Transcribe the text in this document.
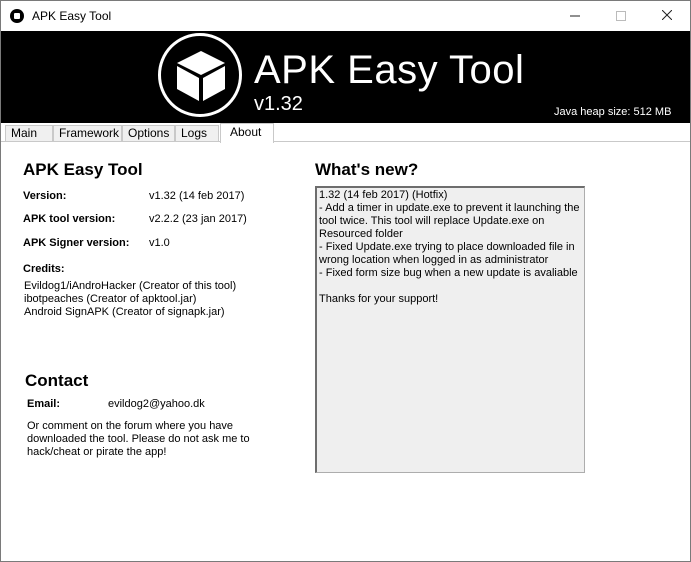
APK Easy Tool
APK Easy Tool
v1.32	Java heap size: 512 MB
Main	Framework Options Logs	About
APK Easy Tool
Version:	v1.32 (14 feb 2017)
APK tool version:	v2.2.2 (23 jan 2017)
APK Signer version: v1.0
Credits:
Evildog1/iAndroHacker (Creator of this tool)
ibotpeaches (Creator of apktool.jar)
Android SignAPK (Creator of signapk.jar)
Contact
Email:	evildog2@yahoo.dk
Or comment on the forum where you have downloaded the tool. Please do not ask me to hack/cheat or pirate the app!
What's new?
1.32 (14 feb 2017) (Hotfix)
- Add a timer in update.exe to prevent it launching the tool twice. This tool will replace Update.exe on Resourced folder
- Fixed Update.exe trying to place downloaded file in wrong location when logged in as administrator
- Fixed form size bug when a new update is avaliable

Thanks for your support!
